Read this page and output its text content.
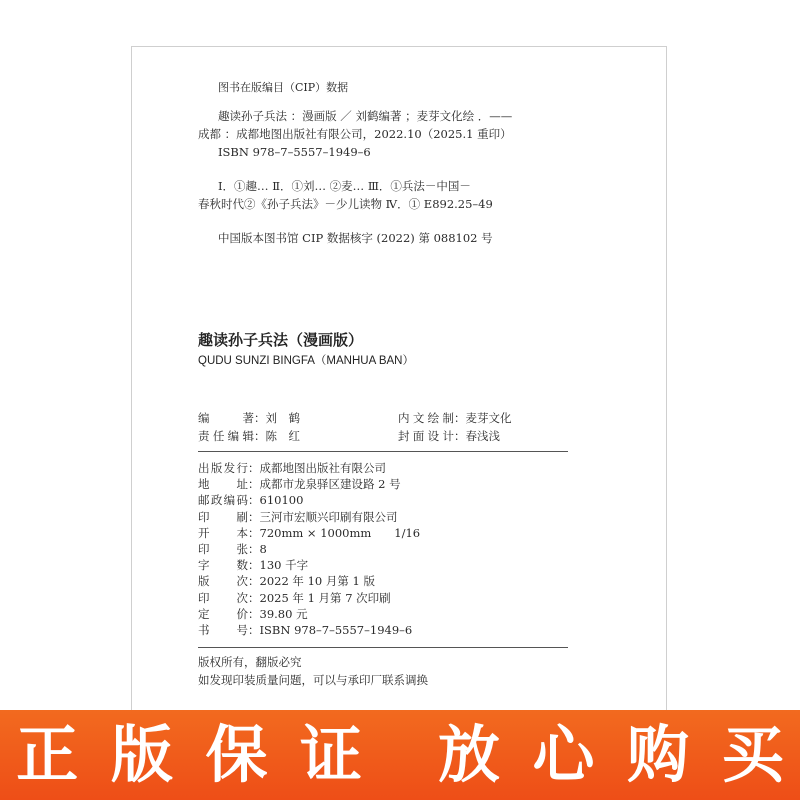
图书在版编目（CIP）数据
趣读孙子兵法 ：漫画版 ／ 刘鹤编著 ；麦芽文化绘 ．——
成都 ：成都地图出版社有限公司，2022.10（2025.1 重印）
ISBN 978–7–5557–1949–6
Ⅰ．①趣… Ⅱ．①刘… ②麦… Ⅲ．①兵法－中国－
春秋时代②《孙子兵法》－少儿读物 Ⅳ．① E892.25–49
中国版本图书馆 CIP 数据核字 (2022) 第 088102 号
趣读孙子兵法（漫画版）
QUDU SUNZI BINGFA（MANHUA BAN）
编　　著：刘　鹤
责任编辑：陈　红
内文绘制：麦芽文化
封面设计：春浅浅
出版发行：成都地图出版社有限公司
地　　址：成都市龙泉驿区建设路 2 号
邮政编码：610100
印　　刷：三河市宏顺兴印刷有限公司
开　　本：720mm × 1000mm　　1/16
印　　张：8
字　　数：130 千字
版　　次：2022 年 10 月第 1 版
印　　次：2025 年 1 月第 7 次印刷
定　　价：39.80 元
书　　号：ISBN 978–7–5557–1949–6
版权所有，翻版必究
如发现印装质量问题，可以与承印厂联系调换
正 版 保 证 放 心 购 买
